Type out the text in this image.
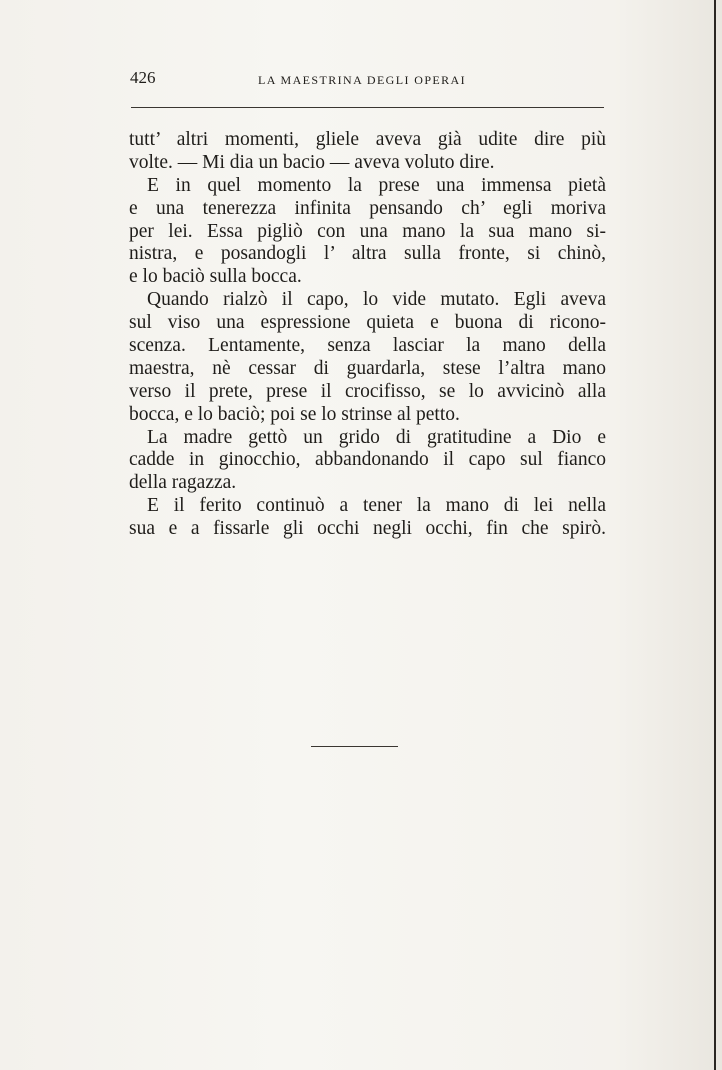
426	LA MAESTRINA DEGLI OPERAI
tutt’ altri momenti, gliele aveva già udite dire più
volte. — Mi dia un bacio — aveva voluto dire.
E in quel momento la prese una immensa pietà
e una tenerezza infinita pensando ch’ egli moriva
per lei. Essa pigliò con una mano la sua mano si-
nistra, e posandogli l’ altra sulla fronte, si chinò,
e lo baciò sulla bocca.
Quando rialzò il capo, lo vide mutato. Egli aveva
sul viso una espressione quieta e buona di ricono-
scenza. Lentamente, senza lasciar la mano della
maestra, nè cessar di guardarla, stese l’altra mano
verso il prete, prese il crocifisso, se lo avvicinò alla
bocca, e lo baciò; poi se lo strinse al petto.
La madre gettò un grido di gratitudine a Dio e
cadde in ginocchio, abbandonando il capo sul fianco
della ragazza.
E il ferito continuò a tener la mano di lei nella
sua e a fissarle gli occhi negli occhi, fin che spirò.
